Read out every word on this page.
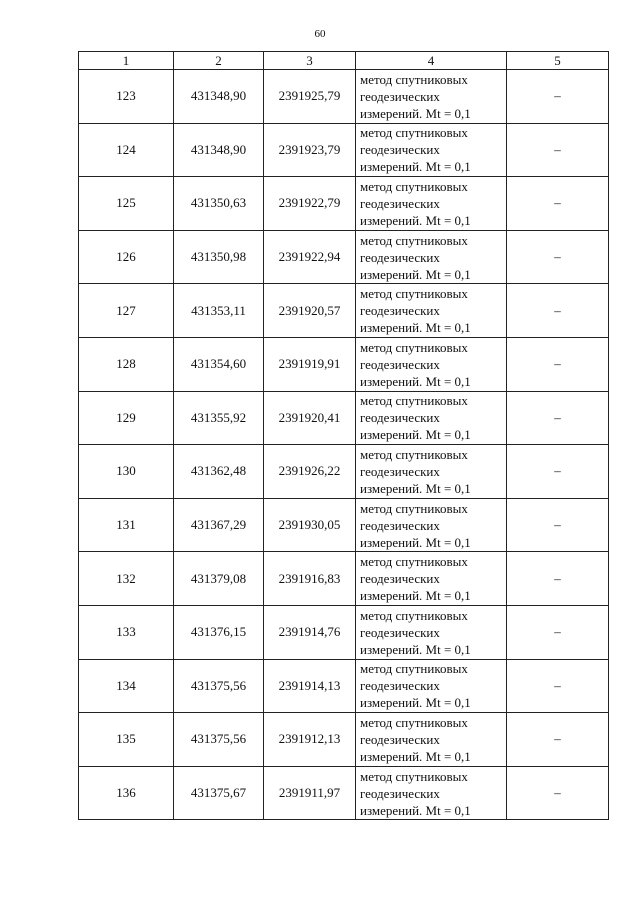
60
1	2	3	4	5
123	431348,90	2391925,79	метод спутниковых
геодезических
измерений. Mt = 0,1	–
124	431348,90	2391923,79	метод спутниковых
геодезических
измерений. Mt = 0,1	–
125	431350,63	2391922,79	метод спутниковых
геодезических
измерений. Mt = 0,1	–
126	431350,98	2391922,94	метод спутниковых
геодезических
измерений. Mt = 0,1	–
127	431353,11	2391920,57	метод спутниковых
геодезических
измерений. Mt = 0,1	–
128	431354,60	2391919,91	метод спутниковых
геодезических
измерений. Mt = 0,1	–
129	431355,92	2391920,41	метод спутниковых
геодезических
измерений. Mt = 0,1	–
130	431362,48	2391926,22	метод спутниковых
геодезических
измерений. Mt = 0,1	–
131	431367,29	2391930,05	метод спутниковых
геодезических
измерений. Mt = 0,1	–
132	431379,08	2391916,83	метод спутниковых
геодезических
измерений. Mt = 0,1	–
133	431376,15	2391914,76	метод спутниковых
геодезических
измерений. Mt = 0,1	–
134	431375,56	2391914,13	метод спутниковых
геодезических
измерений. Mt = 0,1	–
135	431375,56	2391912,13	метод спутниковых
геодезических
измерений. Mt = 0,1	–
136	431375,67	2391911,97	метод спутниковых
геодезических
измерений. Mt = 0,1	–
